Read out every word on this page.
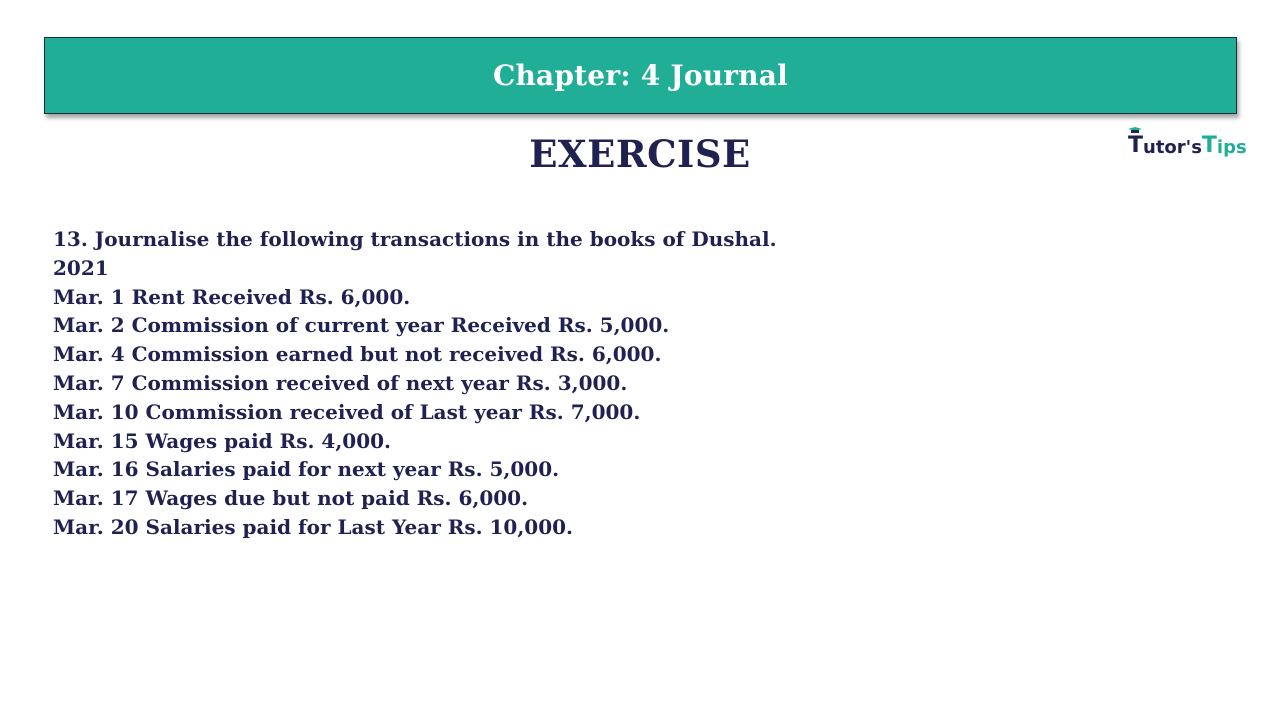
Chapter: 4 Journal
EXERCISE	T utor's T ips

13. Journalise the following transactions in the books of Dushal.

2021

Mar. 1 Rent Received Rs. 6,000.

Mar. 2 Commission of current year Received Rs. 5,000.

Mar. 4 Commission earned but not received Rs. 6,000.

Mar. 7 Commission received of next year Rs. 3,000.

Mar. 10 Commission received of Last year Rs. 7,000.

Mar. 15 Wages paid Rs. 4,000.

Mar. 16 Salaries paid for next year Rs. 5,000.

Mar. 17 Wages due but not paid Rs. 6,000.

Mar. 20 Salaries paid for Last Year Rs. 10,000.
